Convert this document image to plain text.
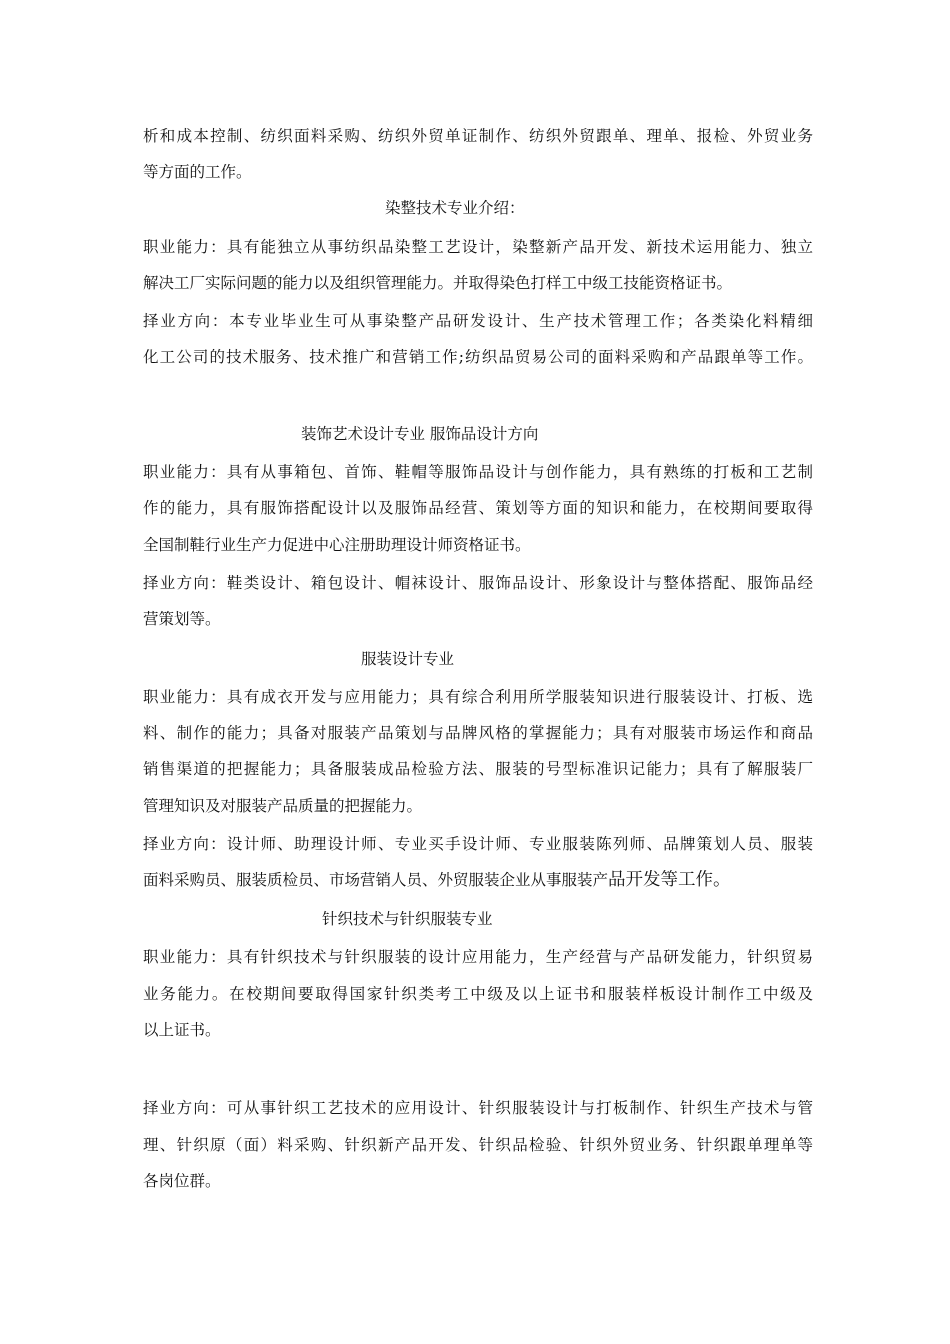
析和成本控制、纺织面料采购、纺织外贸单证制作、纺织外贸跟单、理单、报检、外贸业务
等方面的工作。
染整技术专业介绍：
职业能力：具有能独立从事纺织品染整工艺设计，染整新产品开发、新技术运用能力、独立
解决工厂实际问题的能力以及组织管理能力。并取得染色打样工中级工技能资格证书。
择业方向：本专业毕业生可从事染整产品研发设计、生产技术管理工作；各类染化料精细
化工公司的技术服务、技术推广和营销工作;纺织品贸易公司的面料采购和产品跟单等工作。
装饰艺术设计专业 服饰品设计方向
职业能力：具有从事箱包、首饰、鞋帽等服饰品设计与创作能力，具有熟练的打板和工艺制
作的能力，具有服饰搭配设计以及服饰品经营、策划等方面的知识和能力，在校期间要取得
全国制鞋行业生产力促进中心注册助理设计师资格证书。
择业方向：鞋类设计、箱包设计、帽袜设计、服饰品设计、形象设计与整体搭配、服饰品经
营策划等。
服装设计专业
职业能力：具有成衣开发与应用能力；具有综合利用所学服装知识进行服装设计、打板、选
料、制作的能力；具备对服装产品策划与品牌风格的掌握能力；具有对服装市场运作和商品
销售渠道的把握能力；具备服装成品检验方法、服装的号型标准识记能力；具有了解服装厂
管理知识及对服装产品质量的把握能力。
择业方向：设计师、助理设计师、专业买手设计师、专业服装陈列师、品牌策划人员、服装
面料采购员、服装质检员、市场营销人员、外贸服装企业从事服装产品开发等工作。
针织技术与针织服装专业
职业能力：具有针织技术与针织服装的设计应用能力，生产经营与产品研发能力，针织贸易
业务能力。在校期间要取得国家针织类考工中级及以上证书和服装样板设计制作工中级及
以上证书。
择业方向：可从事针织工艺技术的应用设计、针织服装设计与打板制作、针织生产技术与管
理、针织原（面）料采购、针织新产品开发、针织品检验、针织外贸业务、针织跟单理单等
各岗位群。
